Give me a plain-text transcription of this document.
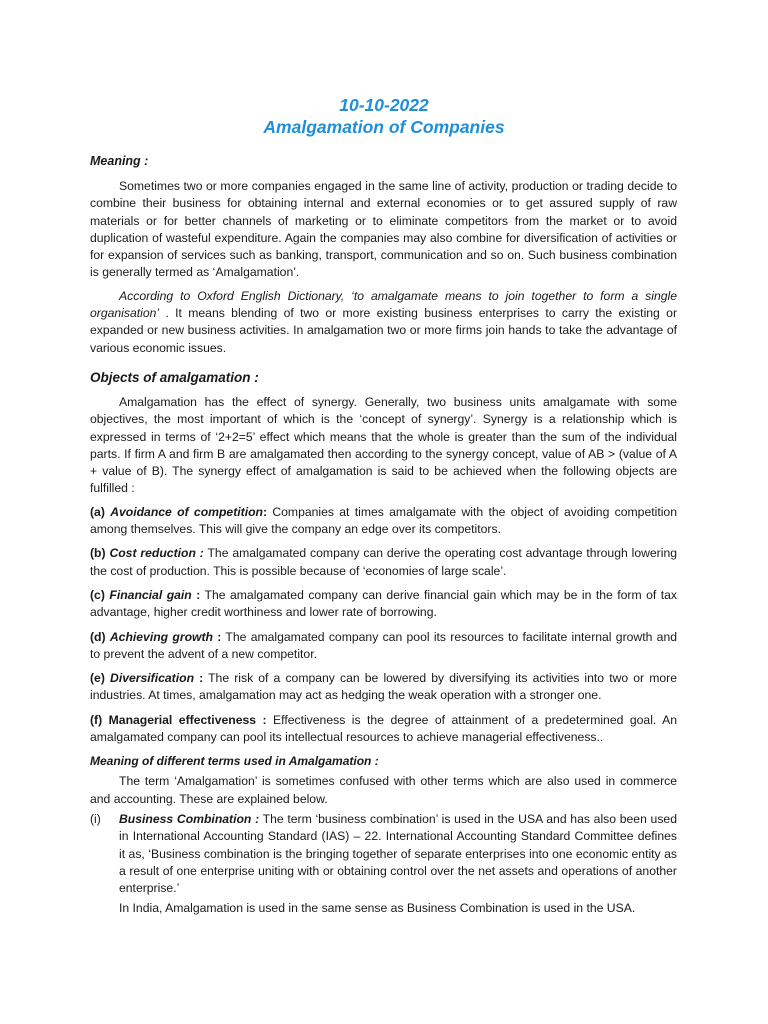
10-10-2022
Amalgamation of Companies
Meaning :

Sometimes two or more companies engaged in the same line of activity, production or trading decide to combine their business for obtaining internal and external economies or to get assured supply of raw materials or for better channels of marketing or to eliminate competitors from the market or to avoid duplication of wasteful expenditure. Again the companies may also combine for diversification of activities or for expansion of services such as banking, transport, communication and so on. Such business combination is generally termed as ‘Amalgamation’.

According to Oxford English Dictionary, ‘to amalgamate means to join together to form a single organisation’ . It means blending of two or more existing business enterprises to carry the existing or expanded or new business activities. In amalgamation two or more firms join hands to take the advantage of various economic issues.

Objects of amalgamation :

Amalgamation has the effect of synergy. Generally, two business units amalgamate with some objectives, the most important of which is the ‘concept of synergy’. Synergy is a relationship which is expressed in terms of ‘2+2=5’ effect which means that the whole is greater than the sum of the individual parts. If firm A and firm B are amalgamated then according to the synergy concept, value of AB > (value of A + value of B). The synergy effect of amalgamation is said to be achieved when the following objects are fulfilled :

(a) Avoidance of competition: Companies at times amalgamate with the object of avoiding competition among themselves. This will give the company an edge over its competitors.

(b) Cost reduction : The amalgamated company can derive the operating cost advantage through lowering the cost of production. This is possible because of ‘economies of large scale’.

(c) Financial gain : The amalgamated company can derive financial gain which may be in the form of tax advantage, higher credit worthiness and lower rate of borrowing.

(d) Achieving growth : The amalgamated company can pool its resources to facilitate internal growth and to prevent the advent of a new competitor.

(e) Diversification : The risk of a company can be lowered by diversifying its activities into two or more industries. At times, amalgamation may act as hedging the weak operation with a stronger one.

(f) Managerial effectiveness : Effectiveness is the degree of attainment of a predetermined goal. An amalgamated company can pool its intellectual resources to achieve managerial effectiveness..

Meaning of different terms used in Amalgamation :

The term ‘Amalgamation’ is sometimes confused with other terms which are also used in commerce and accounting. These are explained below.

(i)	Business Combination : The term ‘business combination’ is used in the USA and has also been used in International Accounting Standard (IAS) – 22. International Accounting Standard Committee defines it as, ‘Business combination is the bringing together of separate enterprises into one economic entity as a result of one enterprise uniting with or obtaining control over the net assets and operations of another enterprise.’

In India, Amalgamation is used in the same sense as Business Combination is used in the USA.
